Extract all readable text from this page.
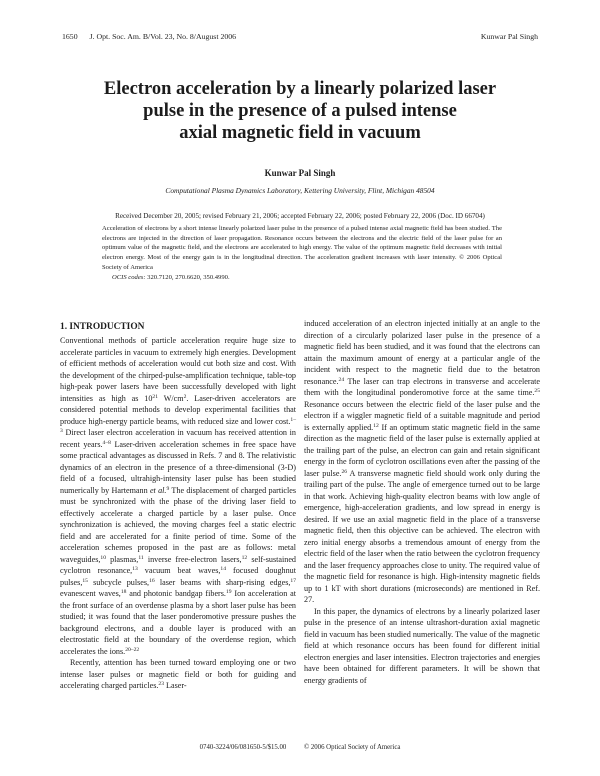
1650 J. Opt. Soc. Am. B/Vol. 23, No. 8/August 2006	Kunwar Pal Singh
Electron acceleration by a linearly polarized laser
pulse in the presence of a pulsed intense
axial magnetic field in vacuum
Kunwar Pal Singh
Computational Plasma Dynamics Laboratory, Kettering University, Flint, Michigan 48504
Received December 20, 2005; revised February 21, 2006; accepted February 22, 2006; posted February 22, 2006 (Doc. ID 66704)

Acceleration of electrons by a short intense linearly polarized laser pulse in the presence of a pulsed intense axial magnetic field has been studied. The electrons are injected in the direction of laser propagation. Resonance occurs between the electrons and the electric field of the laser pulse for an optimum value of the magnetic field, and the electrons are accelerated to high energy. The value of the optimum magnetic field decreases with initial electron energy. Most of the energy gain is in the longitudinal direction. The acceleration gradient increases with laser intensity. © 2006 Optical Society of America

OCIS codes: 320.7120, 270.6620, 350.4990.
1. INTRODUCTION

Conventional methods of particle acceleration require huge size to accelerate particles in vacuum to extremely high energies. Development of efficient methods of acceleration would cut both size and cost. With the development of the chirped-pulse-amplification technique, table-top high-peak power lasers have been successfully developed with light intensities as high as $10^{21}$ $W/cm^2$. Laser-driven accelerators are considered potential methods to develop experimental facilities that produce high-energy particle beams, with reduced size and lower cost.$^{1-3}$ Direct laser electron acceleration in vacuum has received attention in recent years.$^{4-8}$ Laser-driven acceleration schemes in free space have some practical advantages as discussed in Refs. 7 and 8. The relativistic dynamics of an electron in the presence of a three-dimensional (3-D) field of a focused, ultrahigh-intensity laser pulse has been studied numerically by Hartemann et al.$^9$ The displacement of charged particles must be synchronized with the phase of the driving laser field to effectively accelerate a charged particle by a laser pulse. Once synchronization is achieved, the moving charges feel a static electric field and are accelerated for a finite period of time. Some of the acceleration schemes proposed in the past are as follows: metal waveguides,$^{10}$ plasmas,$^{11}$ inverse free-electron lasers,$^{12}$ self-sustained cyclotron resonance,$^{13}$ vacuum beat waves,$^{14}$ focused doughnut pulses,$^{15}$ subcycle pulses,$^{16}$ laser beams with sharp-rising edges,$^{17}$ evanescent waves,$^{18}$ and photonic bandgap fibers.$^{19}$ Ion acceleration at the front surface of an overdense plasma by a short laser pulse has been studied; it was found that the laser ponderomotive pressure pushes the background electrons, and a double layer is produced with an electrostatic field at the boundary of the overdense region, which accelerates the ions.$^{20-22}$

Recently, attention has been turned toward employing one or two intense laser pulses or magnetic field or both for guiding and accelerating charged particles.$^{23}$ Laser-

induced acceleration of an electron injected initially at an angle to the direction of a circularly polarized laser pulse in the presence of a magnetic field has been studied, and it was found that the electrons can attain the maximum amount of energy at a particular angle of the incident with respect to the magnetic field due to the betatron resonance.$^{24}$ The laser can trap electrons in transverse and accelerate them with the longitudinal ponderomotive force at the same time.$^{25}$ Resonance occurs between the electric field of the laser pulse and the electron if a wiggler magnetic field of a suitable magnitude and period is externally applied.$^{12}$ If an optimum static magnetic field in the same direction as the magnetic field of the laser pulse is externally applied at the trailing part of the pulse, an electron can gain and retain significant energy in the form of cyclotron oscillations even after the passing of the laser pulse.$^{26}$ A transverse magnetic field should work only during the trailing part of the pulse. The angle of emergence turned out to be large in that work. Achieving high-quality electron beams with low angle of emergence, high-acceleration gradients, and low spread in energy is desired. If we use an axial magnetic field in the place of a transverse magnetic field, then this objective can be achieved. The electron with zero initial energy absorbs a tremendous amount of energy from the electric field of the laser when the ratio between the cyclotron frequency and the laser frequency approaches close to unity. The required value of the magnetic field for resonance is high. High-intensity magnetic fields up to 1 kT with short durations (microseconds) are mentioned in Ref. 27.

In this paper, the dynamics of electrons by a linearly polarized laser pulse in the presence of an intense ultrashort-duration axial magnetic field in vacuum has been studied numerically. The value of the magnetic field at which resonance occurs has been found for different initial electron energies and laser intensities. Electron trajectories and energies have been obtained for different parameters. It will be shown that energy gradients of

0740-3224/06/081650-5/$15.00	© 2006 Optical Society of America
